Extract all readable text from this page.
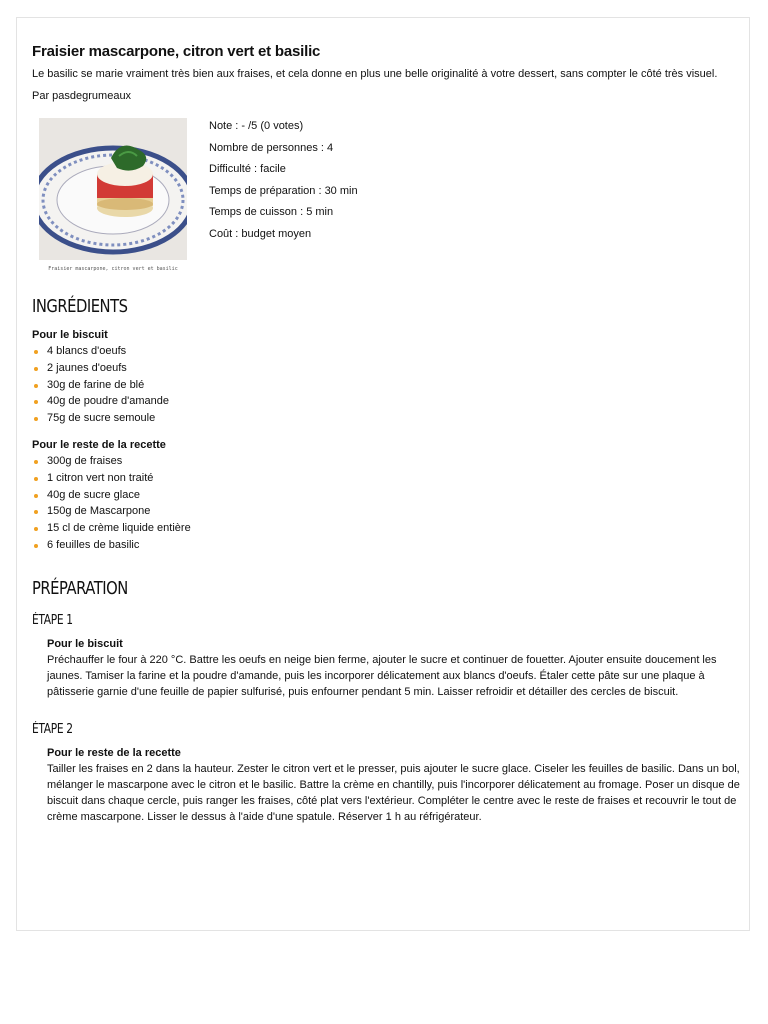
Fraisier mascarpone, citron vert et basilic
Le basilic se marie vraiment très bien aux fraises, et cela donne en plus une belle originalité à votre dessert, sans compter le côté très visuel.
Par pasdegrumeaux
Fraisier mascarpone, citron vert et basilic
Note : - /5 (0 votes)
Nombre de personnes : 4
Difficulté : facile
Temps de préparation : 30 min
Temps de cuisson : 5 min
Coût : budget moyen
INGRÉDIENTS
Pour le biscuit
4 blancs d'oeufs
2 jaunes d'oeufs
30g de farine de blé
40g de poudre d'amande
75g de sucre semoule
Pour le reste de la recette
300g de fraises
1 citron vert non traité
40g de sucre glace
150g de Mascarpone
15 cl de crème liquide entière
6 feuilles de basilic
PRÉPARATION
ÉTAPE 1
Pour le biscuit
Préchauffer le four à 220 °C. Battre les oeufs en neige bien ferme, ajouter le sucre et continuer de fouetter. Ajouter ensuite doucement les jaunes. Tamiser la farine et la poudre d'amande, puis les incorporer délicatement aux blancs d'oeufs. Étaler cette pâte sur une plaque à pâtisserie garnie d'une feuille de papier sulfurisé, puis enfourner pendant 5 min. Laisser refroidir et détailler des cercles de biscuit.
ÉTAPE 2
Pour le reste de la recette
Tailler les fraises en 2 dans la hauteur. Zester le citron vert et le presser, puis ajouter le sucre glace. Ciseler les feuilles de basilic. Dans un bol, mélanger le mascarpone avec le citron et le basilic. Battre la crème en chantilly, puis l'incorporer délicatement au fromage. Poser un disque de biscuit dans chaque cercle, puis ranger les fraises, côté plat vers l'extérieur. Compléter le centre avec le reste de fraises et recouvrir le tout de crème mascarpone. Lisser le dessus à l'aide d'une spatule. Réserver 1 h au réfrigérateur.
